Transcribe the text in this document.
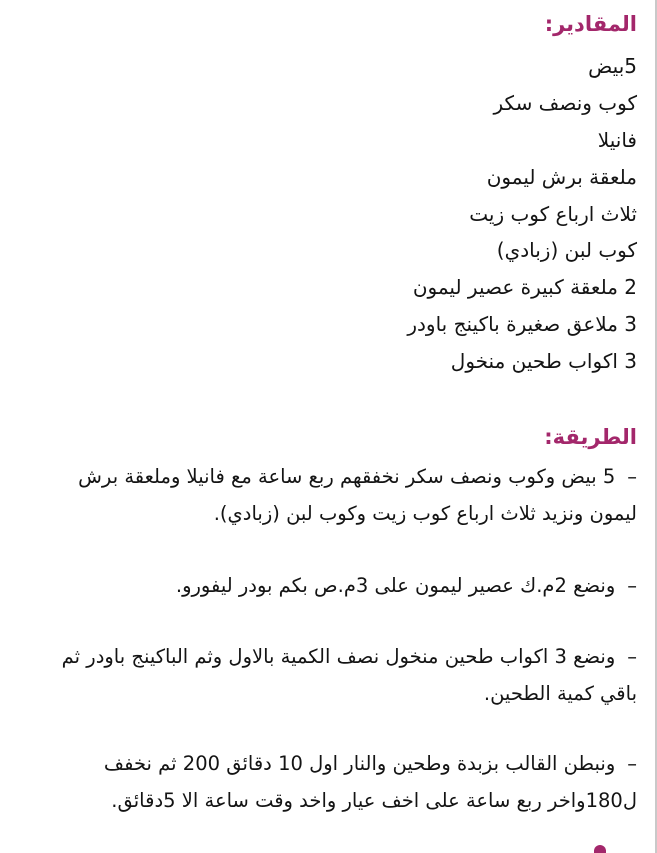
المقادير:
5بيض
كوب ونصف سكر
فانيلا
ملعقة برش ليمون
ثلاث ارباع كوب زيت
كوب لبن (زبادي)
2 ملعقة كبيرة عصير ليمون
3 ملاعق صغيرة باكينج باودر
3 اكواب طحين منخول
الطريقة:

–5 بيض وكوب ونصف سكر نخفقهم ربع ساعة مع فانيلا وملعقة برش ليمون ونزيد ثلاث ارباع كوب زيت وكوب لبن (زبادي).

–ونضع 2م.ك عصير ليمون على 3م.ص بكم بودر ليفورو.

–ونضع 3 اكواب طحين منخول نصف الكمية بالاول وثم الباكينج باودر ثم باقي كمية الطحين.

–ونبطن القالب بزبدة وطحين والنار اول 10 دقائق 200 ثم نخفف ل180واخر ربع ساعة على اخف عيار واخد وقت ساعة الا 5دقائق.
